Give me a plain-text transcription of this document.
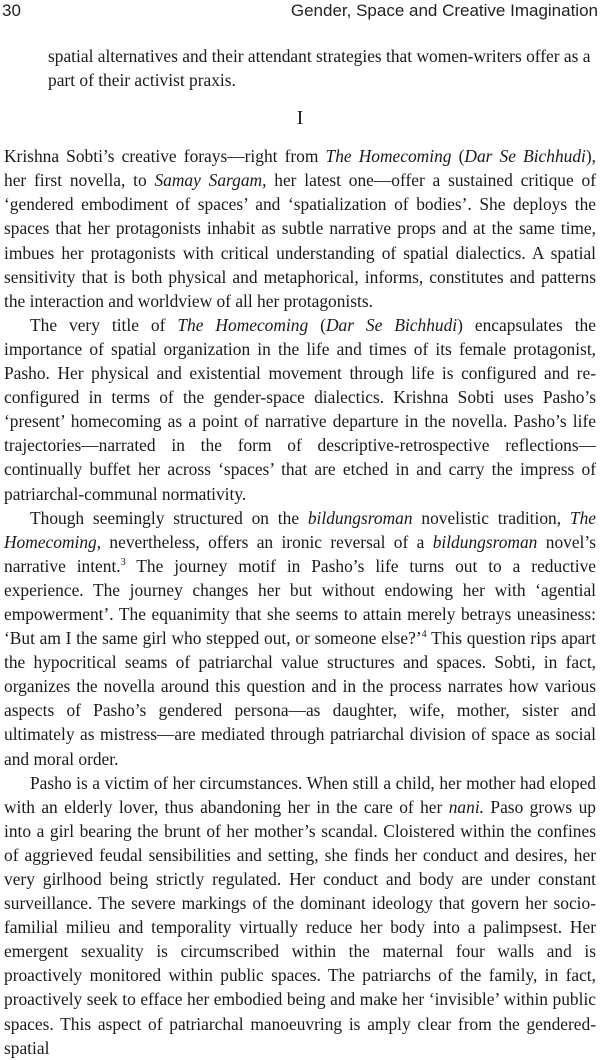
30	Gender, Space and Creative Imagination

spatial alternatives and their attendant strategies that women-writers offer as a part of their activist praxis.

I

Krishna Sobti’s creative forays—right from The Homecoming (Dar Se Bichhudi), her first novella, to Samay Sargam, her latest one—offer a sustained critique of ‘gendered embodiment of spaces’ and ‘spatialization of bodies’. She deploys the spaces that her protagonists inhabit as subtle narrative props and at the same time, imbues her protagonists with critical understanding of spatial dialectics. A spatial sensitivity that is both physical and metaphorical, informs, constitutes and patterns the interaction and worldview of all her protagonists.

The very title of The Homecoming (Dar Se Bichhudi) encapsulates the importance of spatial organization in the life and times of its female protagonist, Pasho. Her physical and existential movement through life is configured and re-configured in terms of the gender-space dialectics. Krishna Sobti uses Pasho’s ‘present’ homecoming as a point of narrative departure in the novella. Pasho’s life trajectories—narrated in the form of descriptive-retrospective reflections—continually buffet her across ‘spaces’ that are etched in and carry the impress of patriarchal-communal normativity.

Though seemingly structured on the bildungsroman novelistic tradition, The Homecoming, nevertheless, offers an ironic reversal of a bildungsroman novel’s narrative intent.$^3$ The journey motif in Pasho’s life turns out to a reductive experience. The journey changes her but without endowing her with ‘agential empowerment’. The equanimity that she seems to attain merely betrays uneasiness: ‘But am I the same girl who stepped out, or someone else?’$^4$ This question rips apart the hypocritical seams of patriarchal value structures and spaces. Sobti, in fact, organizes the novella around this question and in the process narrates how various aspects of Pasho’s gendered persona—as daughter, wife, mother, sister and ultimately as mistress—are mediated through patriarchal division of space as social and moral order.

Pasho is a victim of her circumstances. When still a child, her mother had eloped with an elderly lover, thus abandoning her in the care of her nani. Paso grows up into a girl bearing the brunt of her mother’s scandal. Cloistered within the confines of aggrieved feudal sensibilities and setting, she finds her conduct and desires, her very girlhood being strictly regulated. Her conduct and body are under constant surveillance. The severe markings of the dominant ideology that govern her socio-familial milieu and temporality virtually reduce her body into a palimpsest. Her emergent sexuality is circumscribed within the maternal four walls and is proactively monitored within public spaces. The patriarchs of the family, in fact, proactively seek to efface her embodied being and make her ‘invisible’ within public spaces. This aspect of patriarchal manoeuvring is amply clear from the gendered-spatial
